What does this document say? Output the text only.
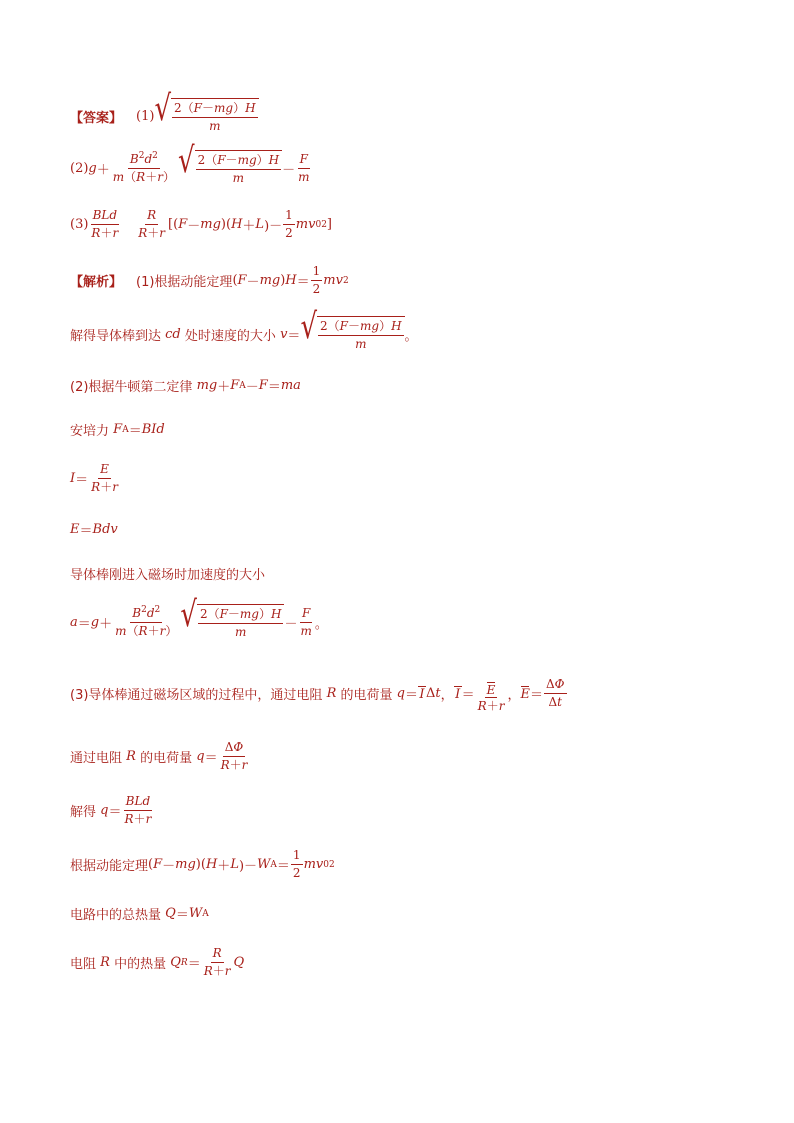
【答案】 (1) √ $\frac{2(F-mg)H}{m}$
(2) $g + \frac{B^2d^2}{m(R+r)}$ √ $\frac{2(F-mg)H}{m} - \frac{F}{m}$
$(3) \frac{\text{BLd}}{R+r} \frac{R}{R+r}$ [( F － mg )( H ＋ L )－ $\frac{1}{2}$ mv 0 2 ]
【解析】 (1)根据动能定理 ( F － mg ) $H = \frac{1}{2}$ mv 2
解得导体棒到达
cd
处时速度的大小
v ＝ √ $\frac{2(F-mg)H}{m}$ 。
(2)根据牛顿第二定律
mg ＋ F A － F ＝ ma
安培力
F A ＝ BId
$I = \frac{E}{R+r}$
E ＝ Bdv
导体棒刚进入磁场时加速度的大小
$a = g + \frac{B^2d^2}{m(R+r)}$ √ $\frac{2(F-mg)H}{m} - \frac{F}{m}$ 。
(3)导体棒通过磁场区域的过程中，通过电阻
R
的电荷量
q ＝ I Δ t ， $I = \frac{E}{R+r}$ ， $E = \frac{\Delta\Phi}{\Delta t}$
通过电阻
R
的电荷量
$q = \frac{\Delta\Phi}{R+r}$
解得
$q = \frac{\text{BLd}}{R+r}$
根据动能定理 ( F － mg )( H ＋ L )－ W $A = \frac{1}{2}$ mv 0 2
电路中的总热量
Q ＝ W A
电阻
R
中的热量
Q $R = \frac{R}{R+r}$ Q
